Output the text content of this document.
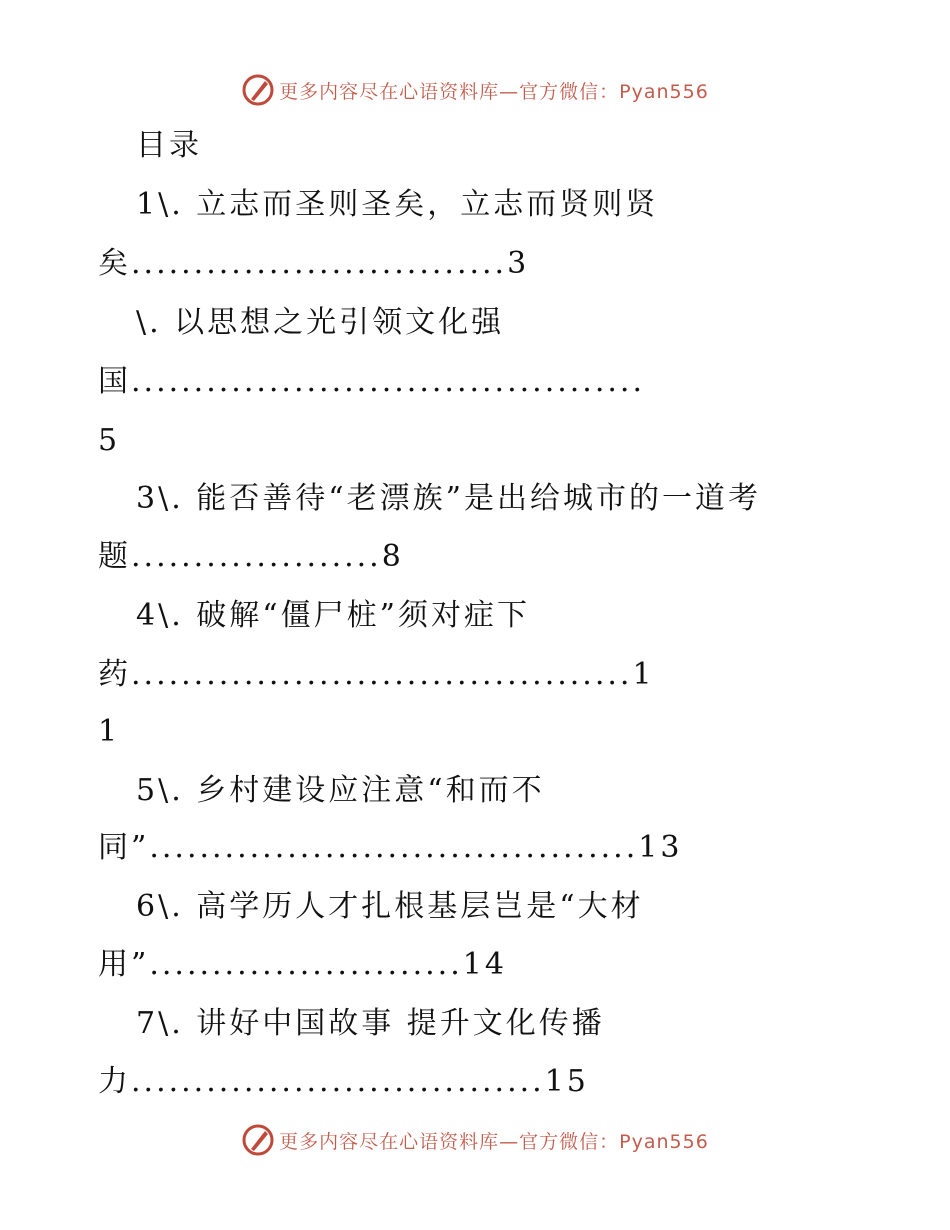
更多内容尽在心语资料库—官方微信：Pyan556
目录
1\. 立志而圣则圣矣，立志而贤则贤
矣..............................3
\. 以思想之光引领文化强
国.........................................
5
3\. 能否善待“老漂族”是出给城市的一道考
题....................8
4\. 破解“僵尸桩”须对症下
药........................................1
1
5\. 乡村建设应注意“和而不
同”.......................................13
6\. 高学历人才扎根基层岂是“大材
用”.........................14
7\. 讲好中国故事 提升文化传播
力.................................15
更多内容尽在心语资料库—官方微信：Pyan556
